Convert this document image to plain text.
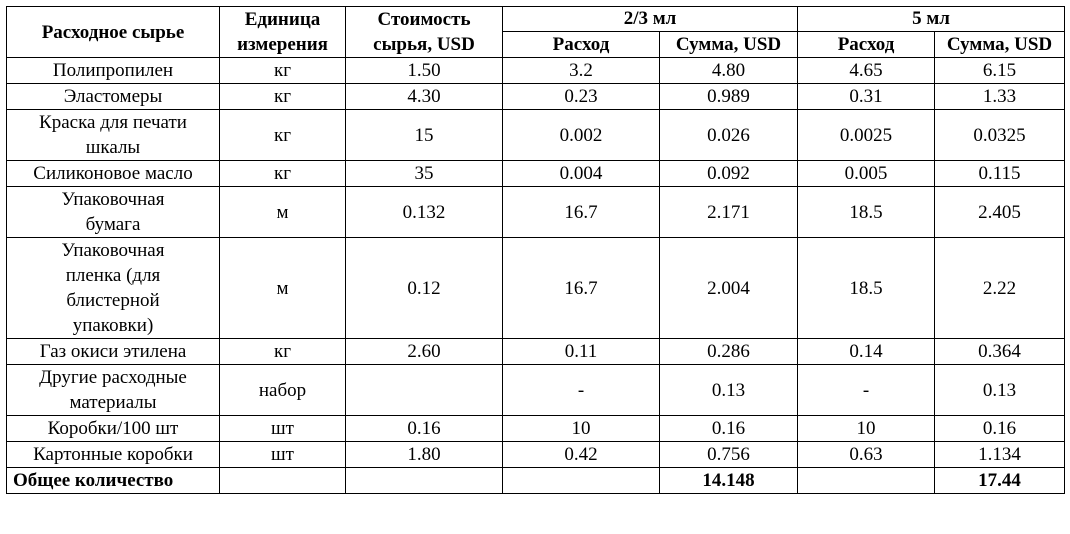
Расходное сырье	Единица измерения	Стоимость сырья, USD	2/3 мл		5 мл	
			Расход	Сумма, USD	Расход	Сумма, USD
Полипропилен	кг	1.50	3.2	4.80	4.65	6.15
Эластомеры	кг	4.30	0.23	0.989	0.31	1.33
Краска для печати шкалы	кг	15	0.002	0.026	0.0025	0.0325
Силиконовое масло	кг	35	0.004	0.092	0.005	0.115
Упаковочная бумага	м	0.132	16.7	2.171	18.5	2.405
Упаковочная пленка (для блистерной упаковки)	м	0.12	16.7	2.004	18.5	2.22
Газ окиси этилена	кг	2.60	0.11	0.286	0.14	0.364
Другие расходные материалы	набор		-	0.13	-	0.13
Коробки/100 шт	шт	0.16	10	0.16	10	0.16
Картонные коробки	шт	1.80	0.42	0.756	0.63	1.134
Общее количество				14.148		17.44
